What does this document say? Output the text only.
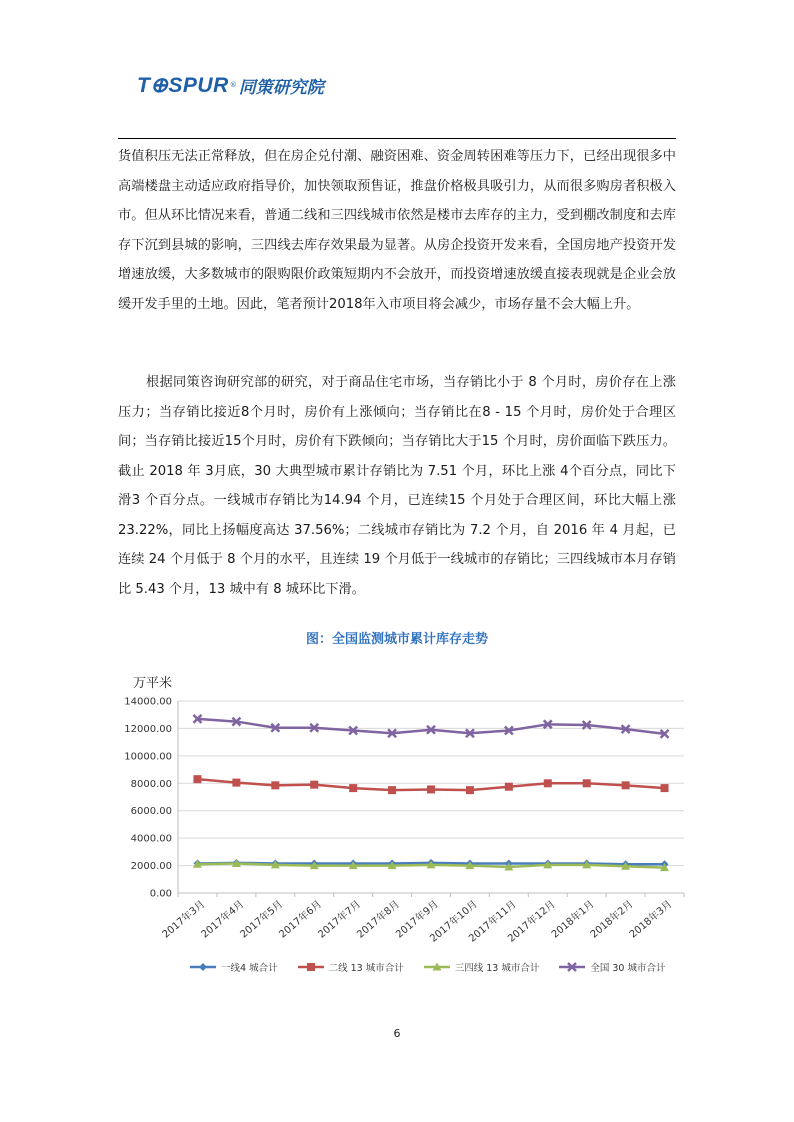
T⊕SPUR ® 同策研究院

货值积压无法正常释放，但在房企兑付潮、融资困难、资金周转困难等压力下，已经出现很多中高端楼盘主动适应政府指导价，加快领取预售证，推盘价格极具吸引力，从而很多购房者积极入市。但从环比情况来看，普通二线和三四线城市依然是楼市去库存的主力，受到棚改制度和去库存下沉到县城的影响，三四线去库存效果最为显著。从房企投资开发来看，全国房地产投资开发增速放缓，大多数城市的限购限价政策短期内不会放开，而投资增速放缓直接表现就是企业会放缓开发手里的土地。因此，笔者预计2018年入市项目将会减少，市场存量不会大幅上升。

根据同策咨询研究部的研究，对于商品住宅市场，当存销比小于 8 个月时，房价存在上涨压力；当存销比接近8个月时，房价有上涨倾向；当存销比在8 - 15 个月时，房价处于合理区间；当存销比接近15个月时，房价有下跌倾向；当存销比大于15 个月时，房价面临下跌压力。截止 2018 年 3月底，30 大典型城市累计存销比为 7.51 个月，环比上涨 4个百分点，同比下滑3 个百分点。一线城市存销比为14.94 个月，已连续15 个月处于合理区间，环比大幅上涨 23.22%，同比上扬幅度高达 37.56%；二线城市存销比为 7.2 个月，自 2016 年 4 月起，已连续 24 个月低于 8 个月的水平，且连续 19 个月低于一线城市的存销比；三四线城市本月存销比 5.43 个月，13 城中有 8 城环比下滑。

图：全国监测城市累计库存走势
万平米
0.00
2000.00
4000.00
6000.00
8000.00
10000.00
12000.00
14000.00
2017年3月
2017年4月
2017年5月
2017年6月
2017年7月
2017年8月
2017年9月
2017年10月
2017年11月
2017年12月
2018年1月
2018年2月
2018年3月
一线4 城合计	二线 13 城市合计	三四线 13 城市合计	全国 30 城市合计
6
